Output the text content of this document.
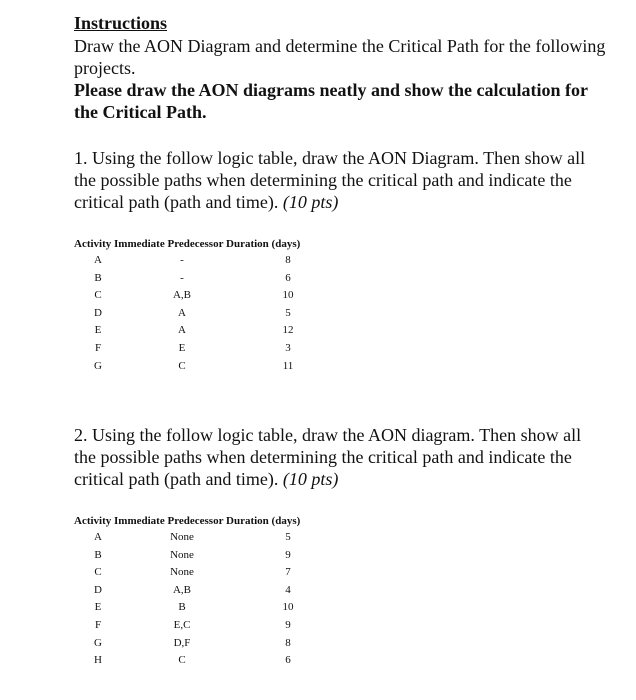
Instructions
Draw the AON Diagram and determine the Critical Path for the following projects.
Please draw the AON diagrams neatly and show the calculation for the Critical Path.
1. Using the follow logic table, draw the AON Diagram. Then show all the possible paths when determining the critical path and indicate the critical path (path and time). (10 pts)
Activity Immediate Predecessor Duration (days)
A	-	8
B	-	6
C	A,B	10
D	A	5
E	A	12
F	E	3
G	C	11
2. Using the follow logic table, draw the AON diagram. Then show all the possible paths when determining the critical path and indicate the critical path (path and time). (10 pts)
Activity Immediate Predecessor Duration (days)
A	None	5
B	None	9
C	None	7
D	A,B	4
E	B	10
F	E,C	9
G	D,F	8
H	C	6
